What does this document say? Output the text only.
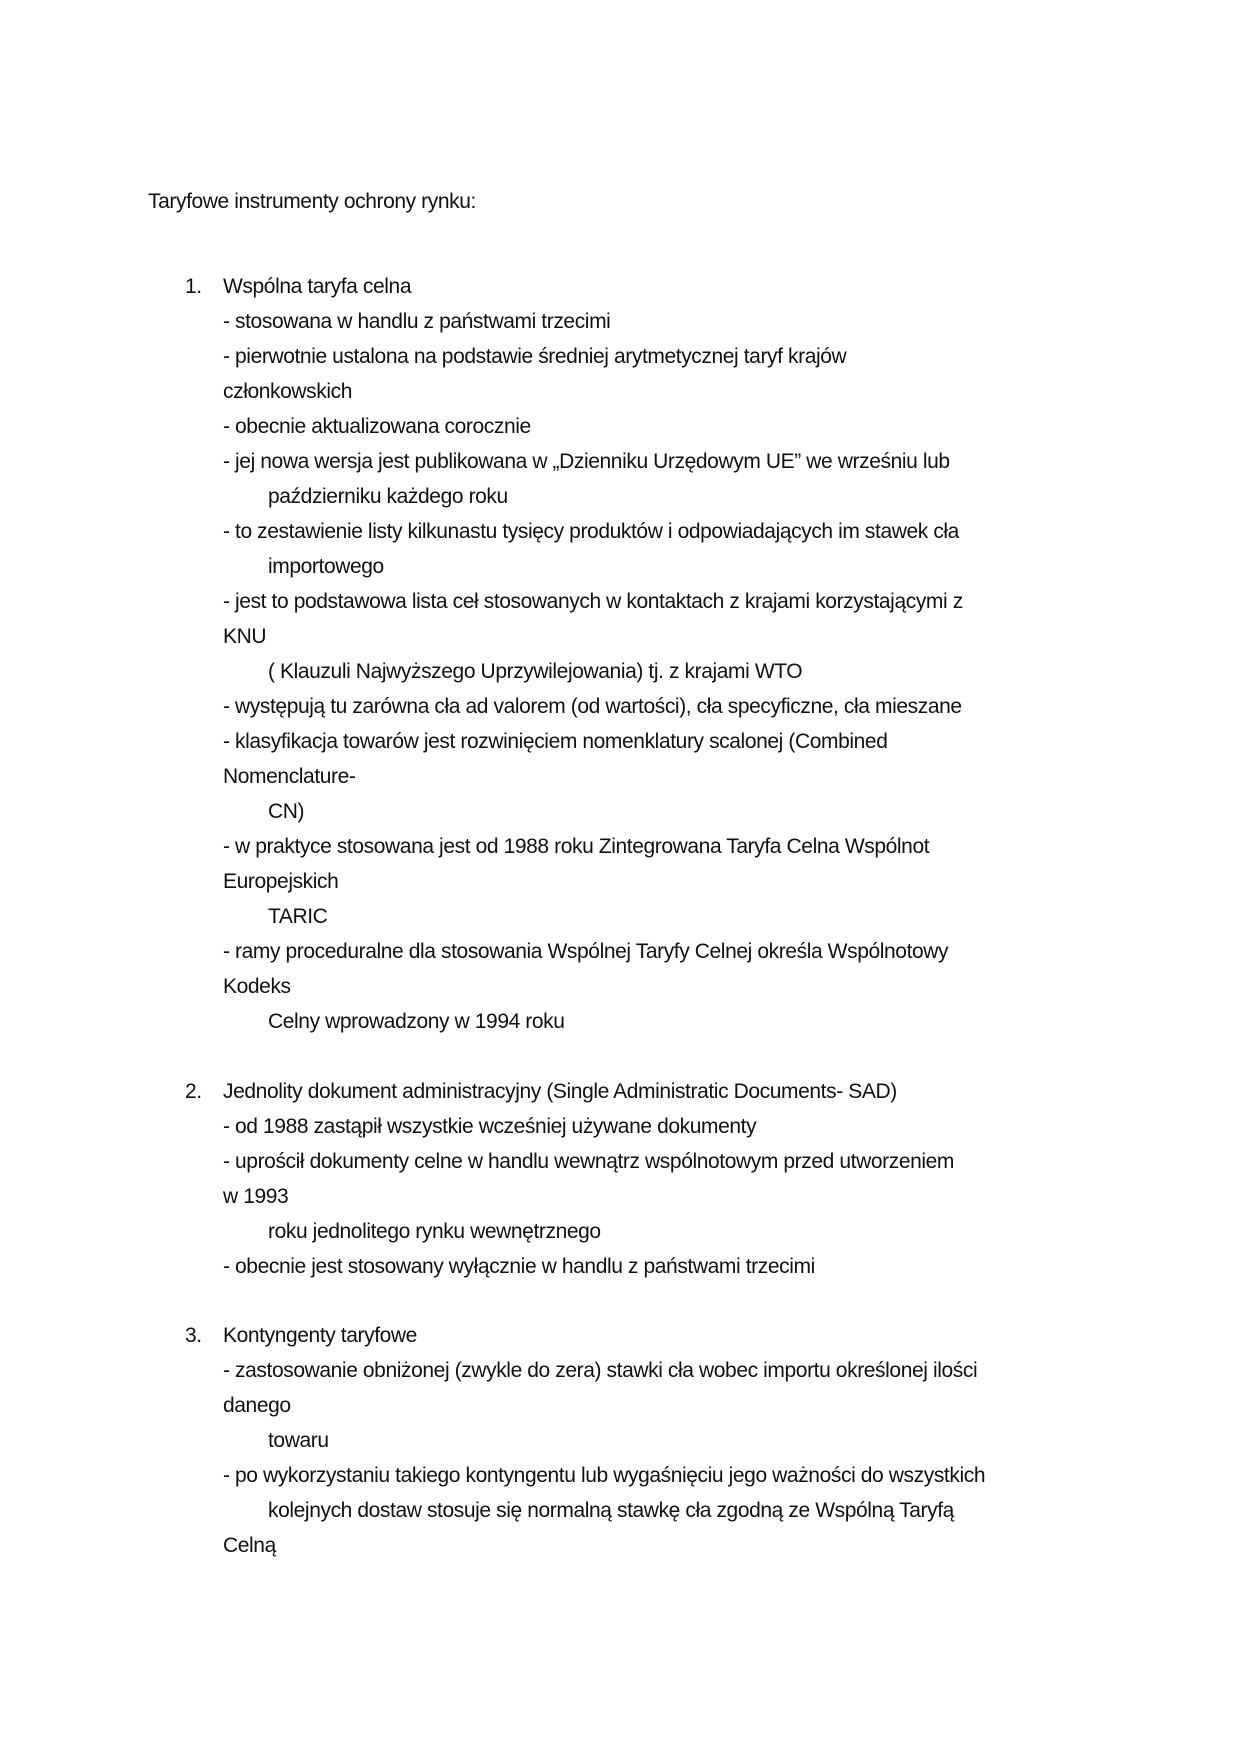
Taryfowe instrumenty ochrony rynku:
1. Wspólna taryfa celna
- stosowana w handlu z państwami trzecimi
- pierwotnie ustalona na podstawie średniej arytmetycznej taryf krajów
członkowskich
- obecnie aktualizowana corocznie
- jej nowa wersja jest publikowana w „Dzienniku Urzędowym UE” we wrześniu lub
październiku każdego roku
- to zestawienie listy kilkunastu tysięcy produktów i odpowiadających im stawek cła
importowego
- jest to podstawowa lista ceł stosowanych w kontaktach z krajami korzystającymi z
KNU
( Klauzuli Najwyższego Uprzywilejowania) tj. z krajami WTO
- występują tu zarówna cła ad valorem (od wartości), cła specyficzne, cła mieszane
- klasyfikacja towarów jest rozwinięciem nomenklatury scalonej (Combined
Nomenclature-
CN)
- w praktyce stosowana jest od 1988 roku Zintegrowana Taryfa Celna Wspólnot
Europejskich
TARIC
- ramy proceduralne dla stosowania Wspólnej Taryfy Celnej określa Wspólnotowy
Kodeks
Celny wprowadzony w 1994 roku
2. Jednolity dokument administracyjny (Single Administratic Documents- SAD)
- od 1988 zastąpił wszystkie wcześniej używane dokumenty
- uprościł dokumenty celne w handlu wewnątrz wspólnotowym przed utworzeniem
w 1993
roku jednolitego rynku wewnętrznego
- obecnie jest stosowany wyłącznie w handlu z państwami trzecimi
3. Kontyngenty taryfowe
- zastosowanie obniżonej (zwykle do zera) stawki cła wobec importu określonej ilości
danego
towaru
- po wykorzystaniu takiego kontyngentu lub wygaśnięciu jego ważności do wszystkich
kolejnych dostaw stosuje się normalną stawkę cła zgodną ze Wspólną Taryfą
Celną
